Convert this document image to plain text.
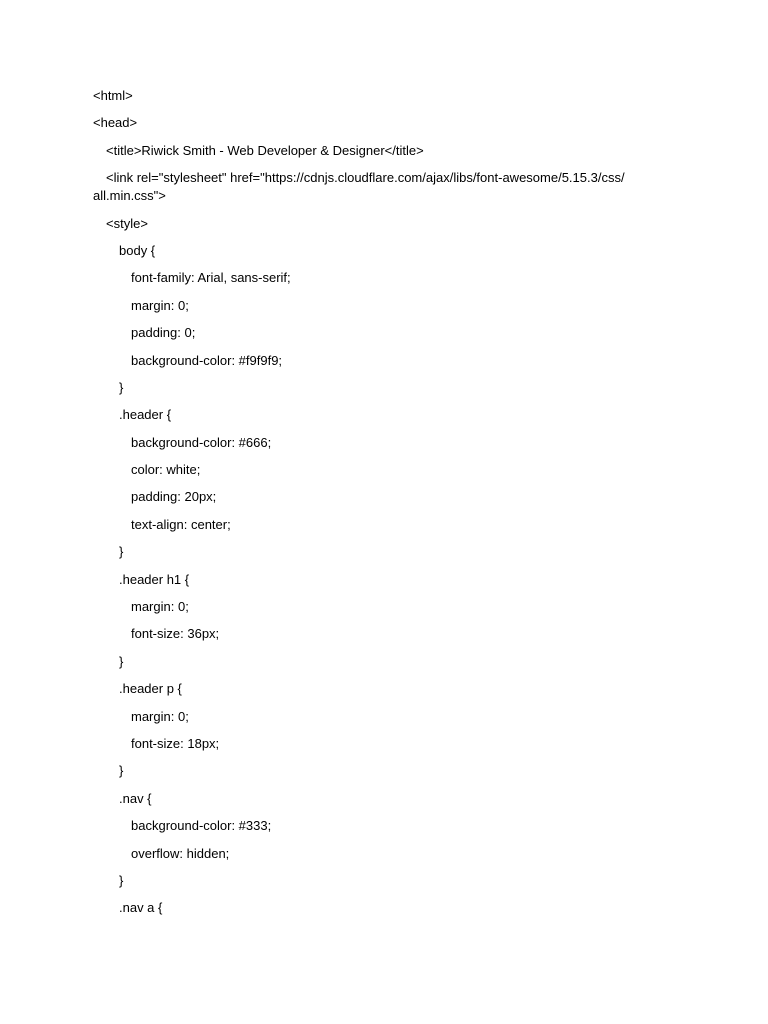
<html>
<head>
<title>Riwick Smith - Web Developer & Designer</title>
<link rel="stylesheet" href="https://cdnjs.cloudflare.com/ajax/libs/font-awesome/5.15.3/css/
all.min.css">
<style>
body {
font-family: Arial, sans-serif;
margin: 0;
padding: 0;
background-color: #f9f9f9;
}
.header {
background-color: #666;
color: white;
padding: 20px;
text-align: center;
}
.header h1 {
margin: 0;
font-size: 36px;
}
.header p {
margin: 0;
font-size: 18px;
}
.nav {
background-color: #333;
overflow: hidden;
}
.nav a {
